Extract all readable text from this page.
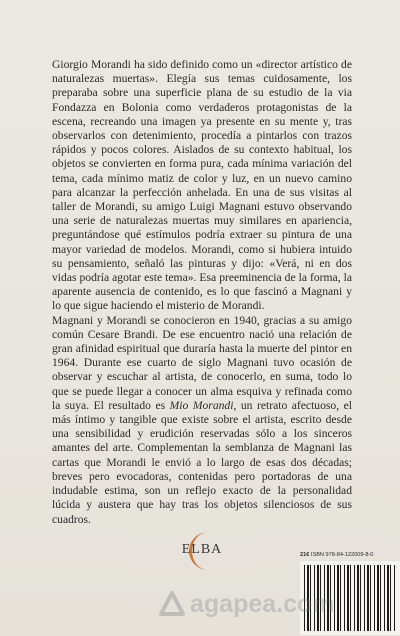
Giorgio Morandi ha sido definido como un «director artístico de naturalezas muertas». Elegía sus temas cuidosamente, los preparaba sobre una superficie plana de su estudio de la via Fondazza en Bolonia como verdaderos protagonistas de la escena, recreando una imagen ya presente en su mente y, tras observarlos con detenimiento, procedía a pintarlos con trazos rápidos y pocos colores. Aislados de su contexto habitual, los objetos se convierten en forma pura, cada mínima variación del tema, cada mínimo matiz de color y luz, en un nuevo camino para alcanzar la perfección anhelada. En una de sus visitas al taller de Morandi, su amigo Luigi Magnani estuvo observando una serie de naturalezas muertas muy similares en apariencia, preguntándose qué estímulos podría extraer su pintura de una mayor variedad de modelos. Morandi, como si hubiera intuido su pensamiento, señaló las pinturas y dijo: «Verá, ni en dos vidas podría agotar este tema». Esa preeminencia de la forma, la aparente ausencia de contenido, es lo que fascinó a Magnani y lo que sigue haciendo el misterio de Morandi.

Magnani y Morandi se conocieron en 1940, gracias a su amigo común Cesare Brandi. De ese encuentro nació una relación de gran afinidad espiritual que duraría hasta la muerte del pintor en 1964. Durante ese cuarto de siglo Magnani tuvo ocasión de observar y escuchar al artista, de conocerlo, en suma, todo lo que se puede llegar a conocer un alma esquiva y refinada como la suya. El resultado es Mio Morandi, un retrato afectuoso, el más íntimo y tangible que existe sobre el artista, escrito desde una sensibilidad y erudición reservadas sólo a los sinceros amantes del arte. Complementan la semblanza de Magnani las cartas que Morandi le envió a lo largo de esas dos décadas; breves pero evocadoras, contenidas pero portadoras de una indudable estima, son un reflejo exacto de la personalidad lúcida y austera que hay tras los objetos silenciosos de sus cuadros.

ELBA	21€ ISBN 978-84-122009-8-0
agapea.com
